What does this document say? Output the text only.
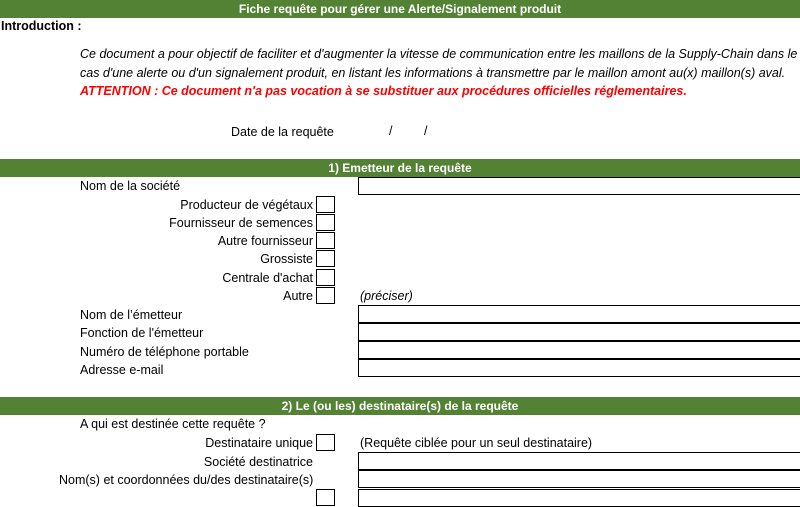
Fiche requête pour gérer une Alerte/Signalement produit
Introduction :
Ce document a pour objectif de faciliter et d'augmenter la vitesse de communication entre les maillons de la Supply-Chain dans le
cas d'une alerte ou d'un signalement produit, en listant les informations à transmettre par le maillon amont au(x) maillon(s) aval.
ATTENTION : Ce document n'a pas vocation à se substituer aux procédures officielles réglementaires.
Date de la requête	/	/
1) Emetteur de la requête
Nom de la société
Producteur de végétaux
Fournisseur de semences
Autre fournisseur
Grossiste
Centrale d'achat
Autre	(préciser)
Nom de l’émetteur
Fonction de l'émetteur
Numéro de téléphone portable
Adresse e-mail
2) Le (ou les) destinataire(s) de la requête
A qui est destinée cette requête ?
Destinataire unique	(Requête ciblée pour un seul destinataire)
Société destinatrice
Nom(s) et coordonnées du/des destinataire(s)
